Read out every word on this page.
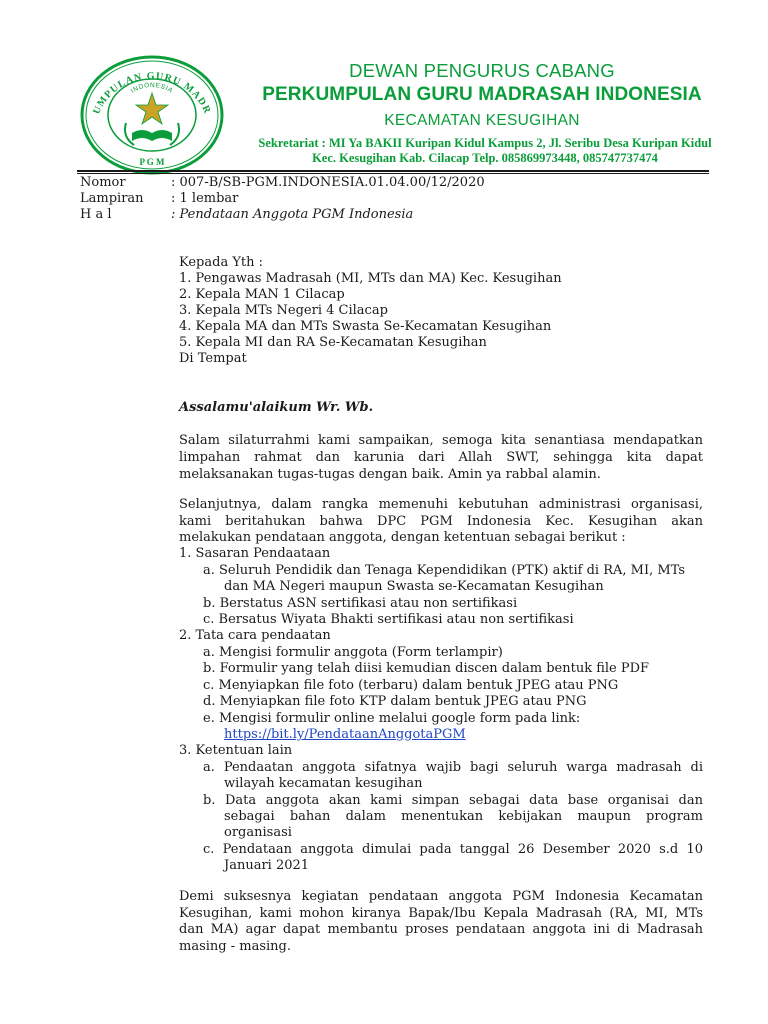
UMPULAN GURU MADR
INDONESIA
P G M
DEWAN PENGURUS CABANG
PERKUMPULAN GURU MADRASAH INDONESIA
KECAMATAN KESUGIHAN
Sekretariat : MI Ya BAKII Kuripan Kidul Kampus 2, Jl. Seribu Desa Kuripan Kidul
Kec. Kesugihan Kab. Cilacap Telp. 085869973448, 085747737474
Nomor	: 007-B/SB-PGM.INDONESIA.01.04.00/12/2020
Lampiran : 1 lembar
H a l	: Pendataan Anggota PGM Indonesia
Kepada Yth :
1. Pengawas Madrasah (MI, MTs dan MA) Kec. Kesugihan
2. Kepala MAN 1 Cilacap
3. Kepala MTs Negeri 4 Cilacap
4. Kepala MA dan MTs Swasta Se-Kecamatan Kesugihan
5. Kepala MI dan RA Se-Kecamatan Kesugihan
Di Tempat
Assalamu'alaikum Wr. Wb.
Salam silaturrahmi kami sampaikan, semoga kita senantiasa mendapatkan
limpahan rahmat dan karunia dari Allah SWT, sehingga kita dapat
melaksanakan tugas-tugas dengan baik. Amin ya rabbal alamin.
Selanjutnya, dalam rangka memenuhi kebutuhan administrasi organisasi,
kami beritahukan bahwa DPC PGM Indonesia Kec. Kesugihan akan
melakukan pendataan anggota, dengan ketentuan sebagai berikut :
1. Sasaran Pendaataan
a. Seluruh Pendidik dan Tenaga Kependidikan (PTK) aktif di RA, MI, MTs
dan MA Negeri maupun Swasta se-Kecamatan Kesugihan
b. Berstatus ASN sertifikasi atau non sertifikasi
c. Bersatus Wiyata Bhakti sertifikasi atau non sertifikasi
2. Tata cara pendaatan
a. Mengisi formulir anggota (Form terlampir)
b. Formulir yang telah diisi kemudian discen dalam bentuk file PDF
c. Menyiapkan file foto (terbaru) dalam bentuk JPEG atau PNG
d. Menyiapkan file foto KTP dalam bentuk JPEG atau PNG
e. Mengisi formulir online melalui google form pada link:
https://bit.ly/PendataanAnggotaPGM
3. Ketentuan lain
a. Pendaatan anggota sifatnya wajib bagi seluruh warga madrasah di
wilayah kecamatan kesugihan
b. Data anggota akan kami simpan sebagai data base organisai dan
sebagai bahan dalam menentukan kebijakan maupun program
organisasi
c. Pendataan anggota dimulai pada tanggal 26 Desember 2020 s.d 10
Januari 2021
Demi suksesnya kegiatan pendataan anggota PGM Indonesia Kecamatan
Kesugihan, kami mohon kiranya Bapak/Ibu Kepala Madrasah (RA, MI, MTs
dan MA) agar dapat membantu proses pendataan anggota ini di Madrasah
masing - masing.
